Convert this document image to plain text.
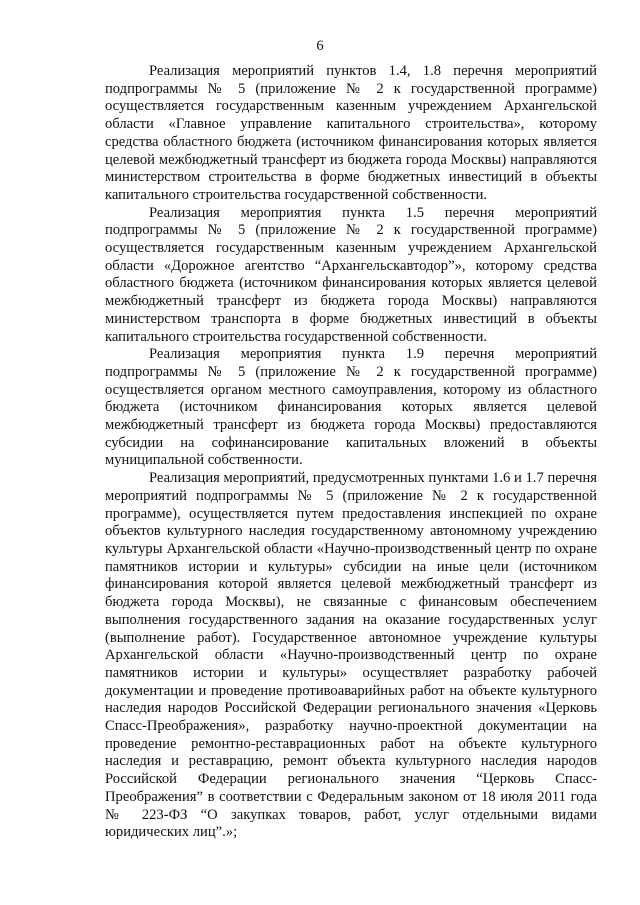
6

Реализация мероприятий пунктов 1.4, 1.8 перечня мероприятий подпрограммы № 5 (приложение № 2 к государственной программе) осуществляется государственным казенным учреждением Архангельской области «Главное управление капитального строительства», которому средства областного бюджета (источником финансирования которых является целевой межбюджетный трансферт из бюджета города Москвы) направляются министерством строительства в форме бюджетных инвестиций в объекты капитального строительства государственной собственности.

Реализация мероприятия пункта 1.5 перечня мероприятий подпрограммы № 5 (приложение № 2 к государственной программе) осуществляется государственным казенным учреждением Архангельской области «Дорожное агентство “Архангельскавтодор”», которому средства областного бюджета (источником финансирования которых является целевой межбюджетный трансферт из бюджета города Москвы) направляются министерством транспорта в форме бюджетных инвестиций в объекты капитального строительства государственной собственности.

Реализация мероприятия пункта 1.9 перечня мероприятий подпрограммы № 5 (приложение № 2 к государственной программе) осуществляется органом местного самоуправления, которому из областного бюджета (источником финансирования которых является целевой межбюджетный трансферт из бюджета города Москвы) предоставляются субсидии на софинансирование капитальных вложений в объекты муниципальной собственности.

Реализация мероприятий, предусмотренных пунктами 1.6 и 1.7 перечня мероприятий подпрограммы № 5 (приложение № 2 к государственной программе), осуществляется путем предоставления инспекцией по охране объектов культурного наследия государственному автономному учреждению культуры Архангельской области «Научно-производственный центр по охране памятников истории и культуры» субсидии на иные цели (источником финансирования которой является целевой межбюджетный трансферт из бюджета города Москвы), не связанные с финансовым обеспечением выполнения государственного задания на оказание государственных услуг (выполнение работ). Государственное автономное учреждение культуры Архангельской области «Научно-производственный центр по охране памятников истории и культуры» осуществляет разработку рабочей документации и проведение противоаварийных работ на объекте культурного наследия народов Российской Федерации регионального значения «Церковь Спасс-Преображения», разработку научно-проектной документации на проведение ремонтно-реставрационных работ на объекте культурного наследия и реставрацию, ремонт объекта культурного наследия народов Российской Федерации регионального значения “Церковь Спасс-Преображения” в соответствии с Федеральным законом от 18 июля 2011 года № 223-ФЗ “О закупках товаров, работ, услуг отдельными видами юридических лиц”.»;
